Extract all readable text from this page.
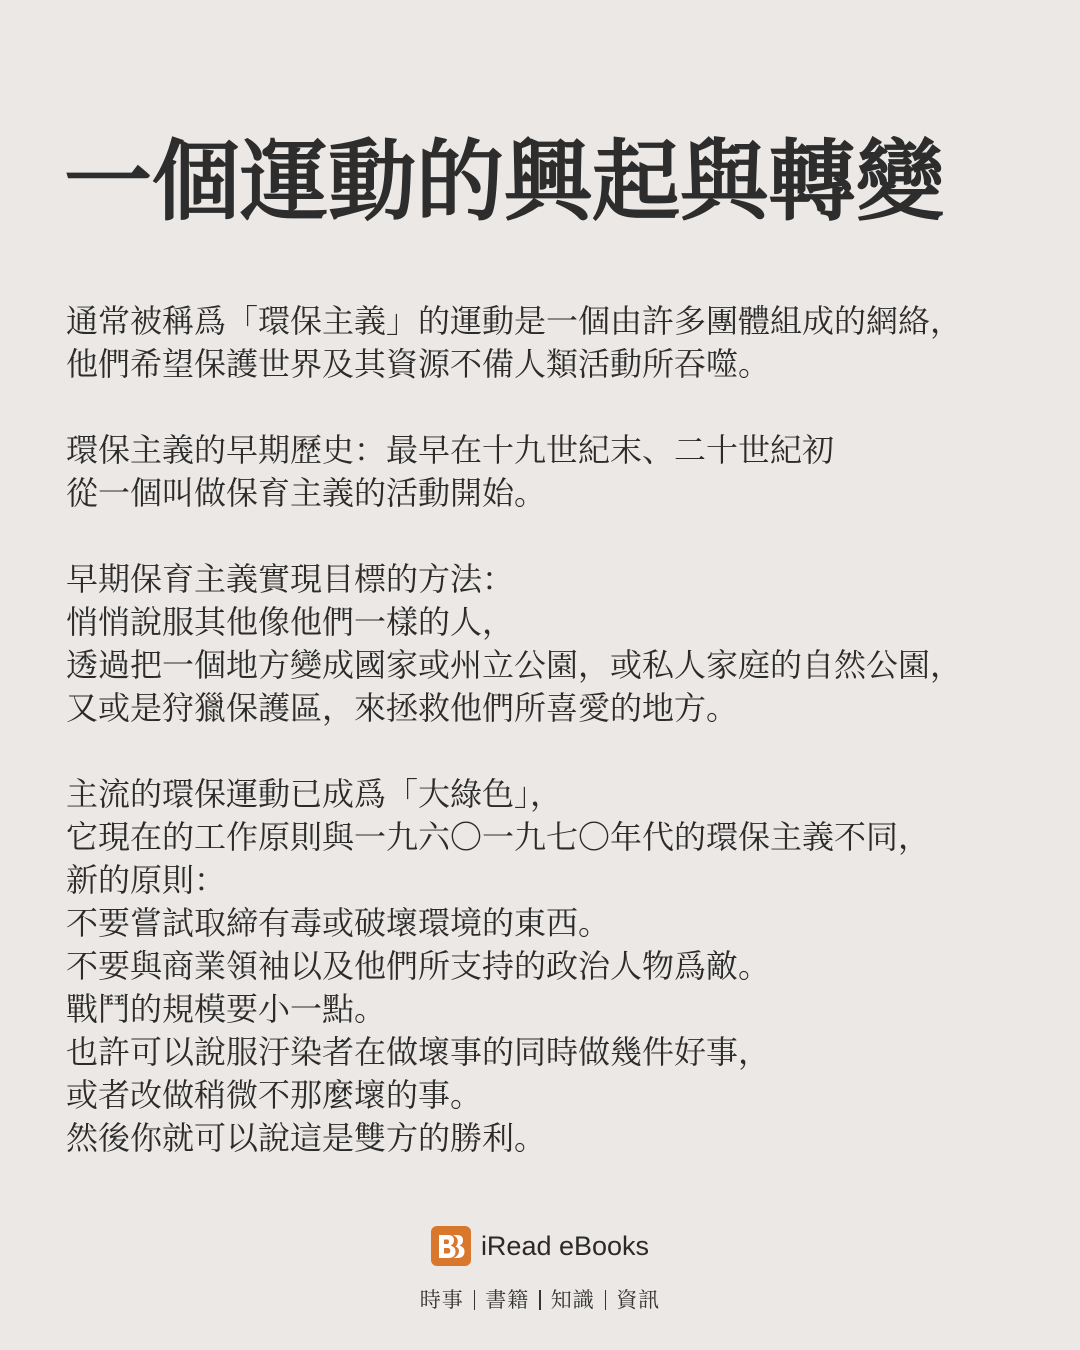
一個運動的興起與轉變
通常被稱爲「環保主義」的運動是一個由許多團體組成的網絡，
他們希望保護世界及其資源不備人類活動所吞噬。
環保主義的早期歷史：最早在十九世紀末、二十世紀初
從一個叫做保育主義的活動開始。
早期保育主義實現目標的方法：
悄悄說服其他像他們一樣的人，
透過把一個地方變成國家或州立公園，或私人家庭的自然公園，
又或是狩獵保護區，來拯救他們所喜愛的地方。
主流的環保運動已成爲「大綠色」，
它現在的工作原則與一九六〇一九七〇年代的環保主義不同，
新的原則：
不要嘗試取締有毒或破壞環境的東西。
不要與商業領袖以及他們所支持的政治人物爲敵。
戰鬥的規模要小一點。
也許可以說服汙染者在做壞事的同時做幾件好事，
或者改做稍微不那麼壞的事。
然後你就可以說這是雙方的勝利。
iRead eBooks
時事 書籍 知識 資訊
